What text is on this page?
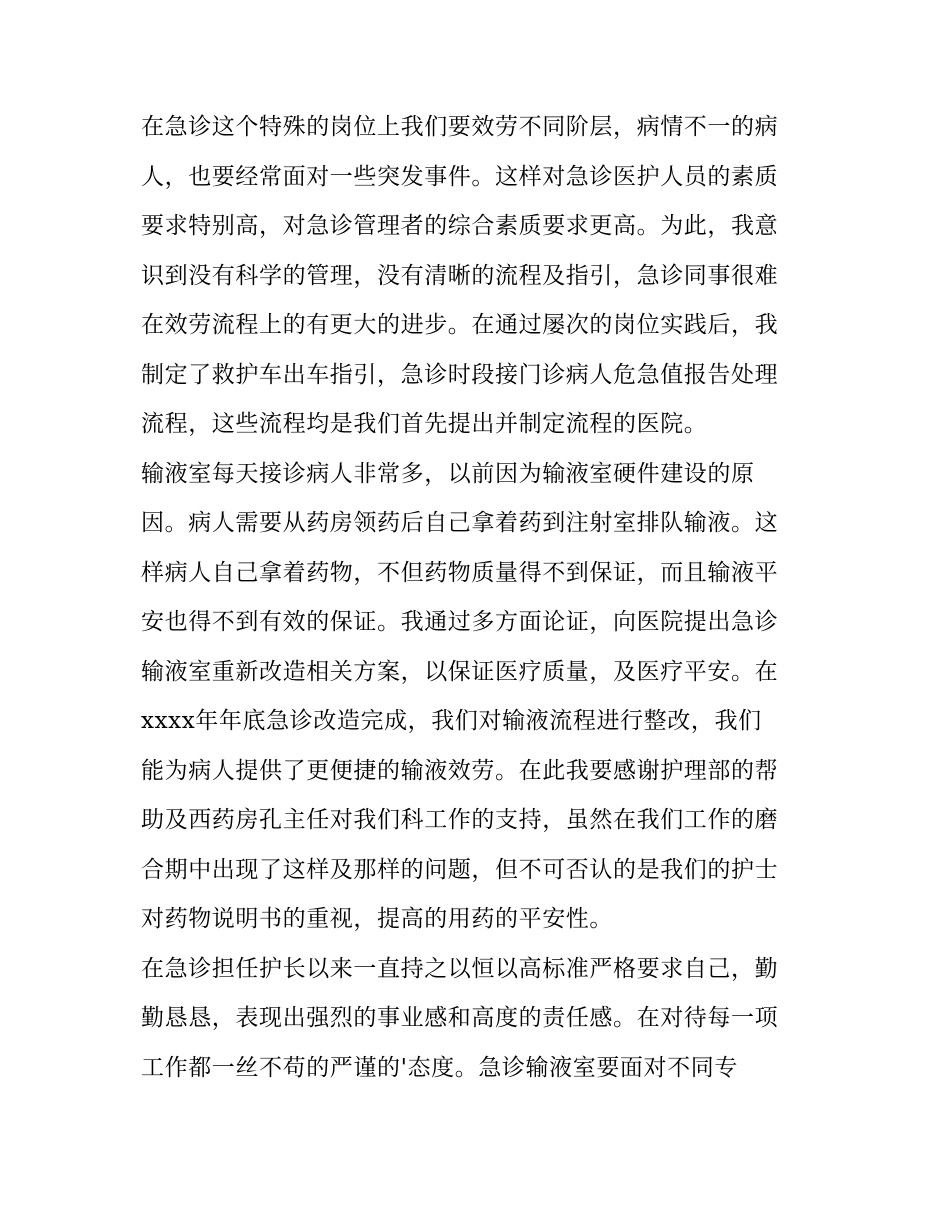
在急诊这个特殊的岗位上我们要效劳不同阶层，病情不一的病
人，也要经常面对一些突发事件。这样对急诊医护人员的素质
要求特别高，对急诊管理者的综合素质要求更高。为此，我意
识到没有科学的管理，没有清晰的流程及指引，急诊同事很难
在效劳流程上的有更大的进步。在通过屡次的岗位实践后，我
制定了救护车出车指引，急诊时段接门诊病人危急值报告处理
流程，这些流程均是我们首先提出并制定流程的医院。
输液室每天接诊病人非常多，以前因为输液室硬件建设的原
因。病人需要从药房领药后自己拿着药到注射室排队输液。这
样病人自己拿着药物，不但药物质量得不到保证，而且输液平
安也得不到有效的保证。我通过多方面论证，向医院提出急诊
输液室重新改造相关方案，以保证医疗质量，及医疗平安。在
xxxx年年底急诊改造完成，我们对输液流程进行整改，我们
能为病人提供了更便捷的输液效劳。在此我要感谢护理部的帮
助及西药房孔主任对我们科工作的支持，虽然在我们工作的磨
合期中出现了这样及那样的问题，但不可否认的是我们的护士
对药物说明书的重视，提高的用药的平安性。
在急诊担任护长以来一直持之以恒以高标准严格要求自己，勤
勤恳恳，表现出强烈的事业感和高度的责任感。在对待每一项
工作都一丝不苟的严谨的'态度。急诊输液室要面对不同专
